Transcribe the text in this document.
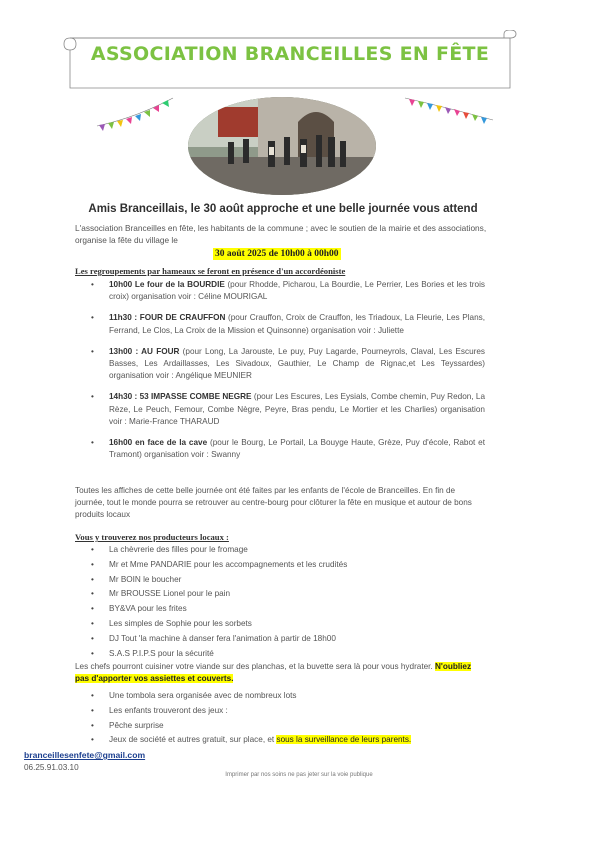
ASSOCIATION BRANCEILLES EN FÊTE
Amis Branceillais, le 30 août approche et une belle journée vous attend
L'association Branceilles en fête, les habitants de la commune ; avec le soutien de la mairie et des associations, organise la fête du village le
30 août 2025 de 10h00 à 00h00
Les regroupements par hameaux se feront en présence d'un accordéoniste
• 10h00 Le four de la BOURDIE (pour Rhodde, Picharou, La Bourdie, Le Perrier, Les Bories et les trois croix) organisation voir : Céline MOURIGAL
• 11h30 : FOUR DE CRAUFFON (pour Crauffon, Croix de Crauffon, les Triadoux, La Fleurie, Les Plans, Ferrand, Le Clos, La Croix de la Mission et Quinsonne) organisation voir : Juliette
• 13h00 : AU FOUR (pour Long, La Jarouste, Le puy, Puy Lagarde, Pourneyrols, Claval, Les Escures Basses, Les Ardaillasses, Les Sivadoux, Gauthier, Le Champ de Rignac,et Les Teyssardes) organisation voir : Angélique MEUNIER
• 14h30 : 53 IMPASSE COMBE NEGRE (pour Les Escures, Les Eysials, Combe chemin, Puy Redon, La Rèze, Le Peuch, Femour, Combe Nègre, Peyre, Bras pendu, Le Mortier et les Charlies) organisation voir : Marie-France THARAUD
• 16h00 en face de la cave (pour le Bourg, Le Portail, La Bouyge Haute, Grèze, Puy d'école, Rabot et Tramont) organisation voir : Swanny

Toutes les affiches de cette belle journée ont été faites par les enfants de l'école de Branceilles. En fin de journée, tout le monde pourra se retrouver au centre-bourg pour clôturer la fête en musique et autour de bons produits locaux

Vous y trouverez nos producteurs locaux :
• La chèvrerie des filles pour le fromage
• Mr et Mme PANDARIE pour les accompagnements et les crudités
• Mr BOIN le boucher
• Mr BROUSSE Lionel pour le pain
• BY&VA pour les frites
• Les simples de Sophie pour les sorbets
• DJ Tout 'la machine à danser fera l'animation à partir de 18h00
• S.A.S P.I.P.S pour la sécurité

Les chefs pourront cuisiner votre viande sur des planchas, et la buvette sera là pour vous hydrater. N'oubliez pas d'apporter vos assiettes et couverts.

• Une tombola sera organisée avec de nombreux lots
• Les enfants trouveront des jeux :
• Pêche surprise
• Jeux de société et autres gratuit, sur place, et sous la surveillance de leurs parents.
branceillesenfete@gmail.com
06.25.91.03.10
Imprimer par nos soins ne pas jeter sur la voie publique
